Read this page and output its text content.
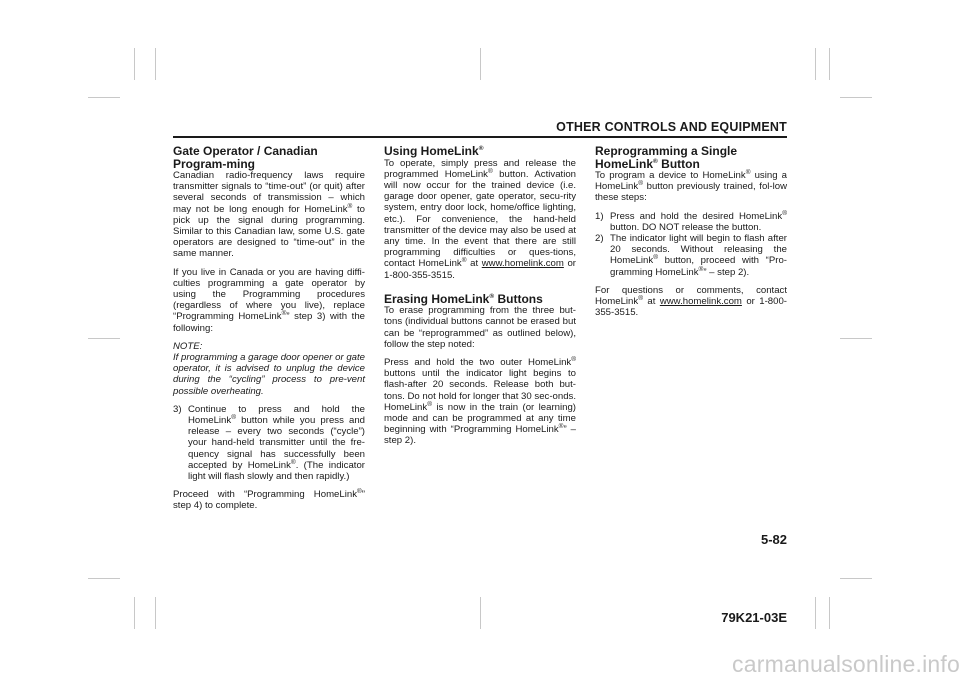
OTHER CONTROLS AND EQUIPMENT
Gate Operator / Canadian Program-ming

Canadian radio-frequency laws require transmitter signals to “time-out” (or quit) after several seconds of transmission – which may not be long enough for HomeLink® to pick up the signal during programming. Similar to this Canadian law, some U.S. gate operators are designed to “time-out” in the same manner.

If you live in Canada or you are having diffi-culties programming a gate operator by using the Programming procedures (regardless of where you live), replace “Programming HomeLink®” step 3) with the following:

NOTE:

If programming a garage door opener or gate operator, it is advised to unplug the device during the “cycling” process to pre-vent possible overheating.

3) Continue to press and hold the HomeLink® button while you press and release – every two seconds (“cycle”) your hand-held transmitter until the fre-quency signal has successfully been accepted by HomeLink®. (The indicator light will flash slowly and then rapidly.)

Proceed with “Programming HomeLink®” step 4) to complete.

Using HomeLink®

To operate, simply press and release the programmed HomeLink® button. Activation will now occur for the trained device (i.e. garage door opener, gate operator, secu-rity system, entry door lock, home/office lighting, etc.). For convenience, the hand-held transmitter of the device may also be used at any time. In the event that there are still programming difficulties or ques-tions, contact HomeLink® at www.homelink.com or 1-800-355-3515.

Erasing HomeLink® Buttons

To erase programming from the three but-tons (individual buttons cannot be erased but can be “reprogrammed” as outlined below), follow the step noted:

Press and hold the two outer HomeLink® buttons until the indicator light begins to flash-after 20 seconds. Release both but-tons. Do not hold for longer that 30 sec-onds. HomeLink® is now in the train (or learning) mode and can be programmed at any time beginning with “Programming HomeLink®” – step 2).

Reprogramming a Single
HomeLink® Button

To program a device to HomeLink® using a HomeLink® button previously trained, fol-low these steps:

1) Press and hold the desired HomeLink® button. DO NOT release the button.
2) The indicator light will begin to flash after 20 seconds. Without releasing the HomeLink® button, proceed with “Pro-gramming HomeLink®” – step 2).

For questions or comments, contact HomeLink® at www.homelink.com or 1-800-355-3515.

5-82
79K21-03E
carmanualsonline.info
